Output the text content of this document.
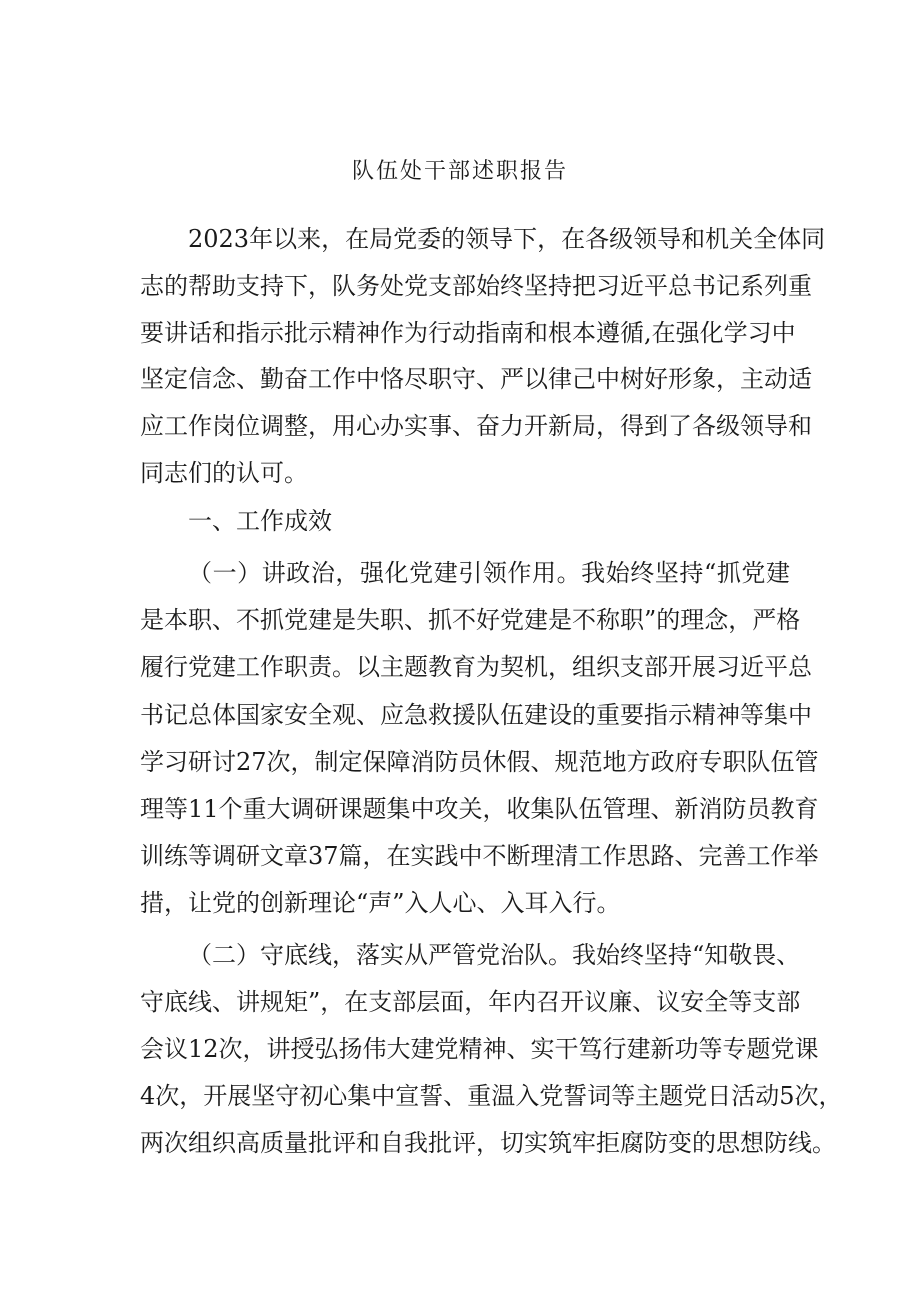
队伍处干部述职报告

2023年以来，在局党委的领导下，在各级领导和机关全体同

志的帮助支持下，队务处党支部始终坚持把习近平总书记系列重

要讲话和指示批示精神作为行动指南和根本遵循,在强化学习中

坚定信念、勤奋工作中恪尽职守、严以律己中树好形象，主动适

应工作岗位调整，用心办实事、奋力开新局，得到了各级领导和

同志们的认可。

一、工作成效

（一）讲政治，强化党建引领作用。我始终坚持“抓党建

是本职、不抓党建是失职、抓不好党建是不称职”的理念，严格

履行党建工作职责。以主题教育为契机，组织支部开展习近平总

书记总体国家安全观、应急救援队伍建设的重要指示精神等集中

学习研讨27次，制定保障消防员休假、规范地方政府专职队伍管

理等11个重大调研课题集中攻关，收集队伍管理、新消防员教育

训练等调研文章37篇，在实践中不断理清工作思路、完善工作举

措，让党的创新理论“声”入人心、入耳入行。

（二）守底线，落实从严管党治队。我始终坚持“知敬畏、

守底线、讲规矩”，在支部层面，年内召开议廉、议安全等支部

会议12次，讲授弘扬伟大建党精神、实干笃行建新功等专题党课

4次，开展坚守初心集中宣誓、重温入党誓词等主题党日活动5次，

两次组织高质量批评和自我批评，切实筑牢拒腐防变的思想防线。
